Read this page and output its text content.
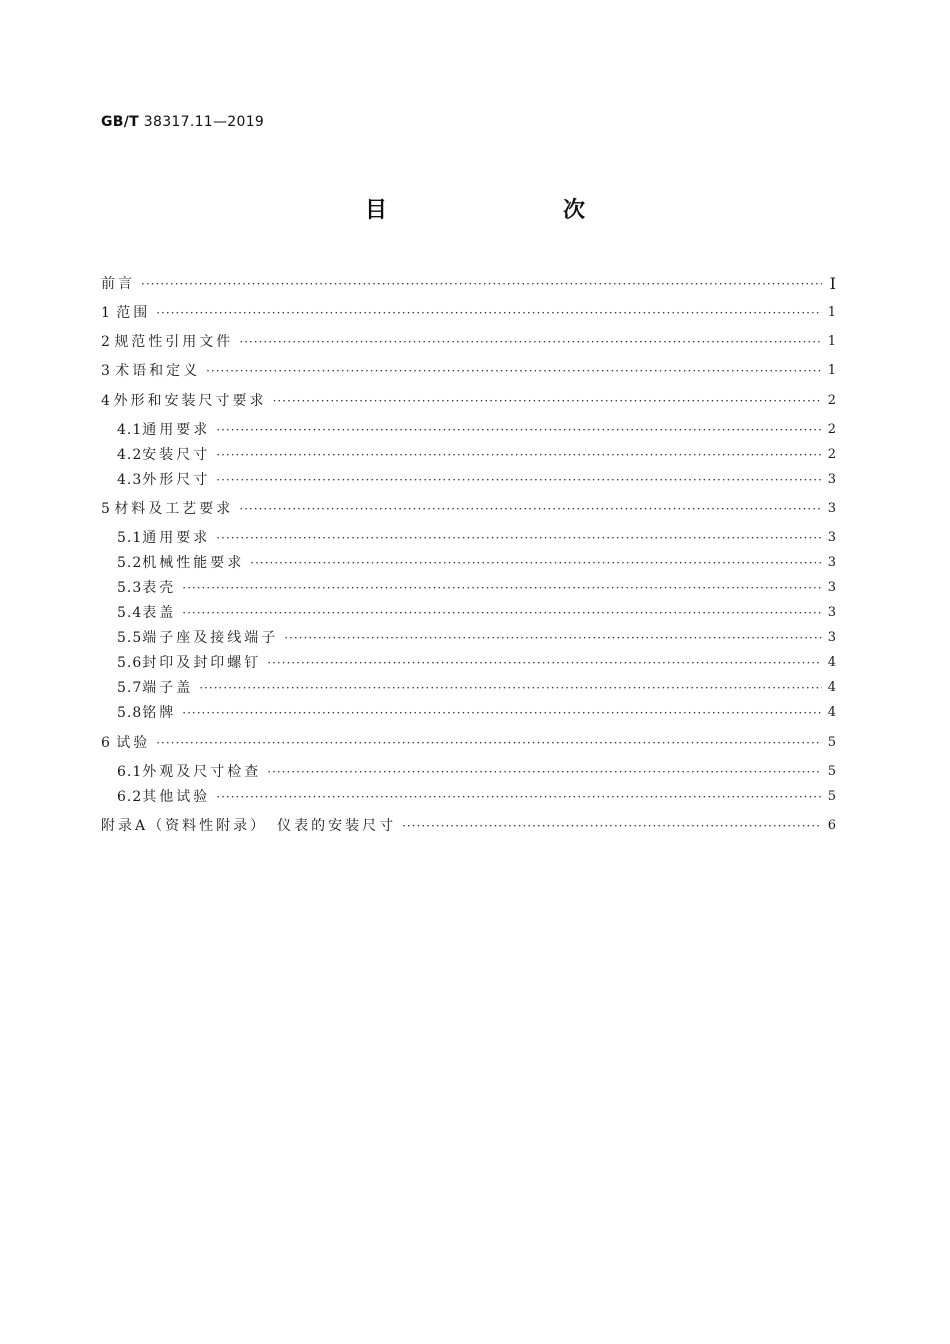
GB/T 38317.11—2019
目　　次
前言 ·····	Ⅰ
1 范围 ·····	1
2 规范性引用文件 ·····	1
3 术语和定义 ·····	1
4 外形和安装尺寸要求 ·····	2
4.1 通用要求 ·····	2
4.2 安装尺寸 ·····	2
4.3 外形尺寸 ·····	3
5 材料及工艺要求 ·····	3
5.1 通用要求 ·····	3
5.2 机械性能要求 ·····	3
5.3 表壳 ·····	3
5.4 表盖 ·····	3
5.5 端子座及接线端子 ·····	3
5.6 封印及封印螺钉 ·····	4
5.7 端子盖 ·····	4
5.8 铭牌 ·····	4
6 试验 ·····	5
6.1 外观及尺寸检查 ·····	5
6.2 其他试验 ·····	5
附录A（资料性附录）　仪表的安装尺寸 ·····	6
